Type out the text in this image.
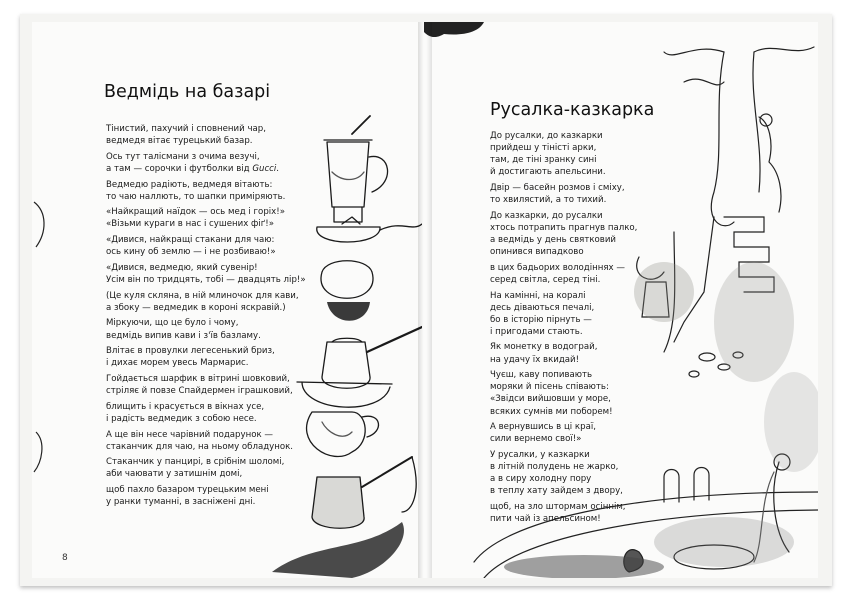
Ведмідь на базарі

Тінистий, пахучий і сповнений чар,
ведмедя вітає турецький базар.

Ось тут талісмани з очима везучі,
а там — сорочки і футболки від Gucci.

Ведмедю радіють, ведмедя вітають:
то чаю наллють, то шапки приміряють.

«Найкращий наїдок — ось мед і горіх!»
«Візьми кураги в нас і сушених фіґ!»

«Дивися, найкращі стакани для чаю:
ось кину об землю — і не розбиваю!»

«Дивися, ведмедю, який сувенір!
Усім він по тридцять, тобі — двадцять лір!»

(Це куля скляна, в ній млиночок для кави,
а збоку — ведмедик в короні яскравій.)

Міркуючи, що це було і чому,
ведмідь випив кави і з'їв базламу.

Влітає в провулки легесенький бриз,
і дихає морем увесь Мармарис.

Гойдається шарфик в вітрині шовковий,
стріляє й повзе Спайдермен іграшковий,

блищить і красується в вікнах усе,
і радість ведмедик з собою несе.

А ще він несе чарівний подарунок —
стаканчик для чаю, на ньому обладунок.

Стаканчик у панцирі, в срібнім шоломі,
аби чаювати у затишнім домі,

щоб пахло базаром турецьким мені
у ранки туманні, в засніжені дні.

8
Русалка-казкарка

До русалки, до казкарки
прийдеш у тіністі арки,
там, де тіні зранку сині
й достигають апельсини.

Двір — басейн розмов і сміху,
то хвилястий, а то тихий.

До казкарки, до русалки
хтось потрапить прагнув палко,
а ведмідь у день святковий
опинився випадково

в цих бадьорих володіннях —
серед світла, серед тіні.

На камінні, на коралі
десь діваються печалі,
бо в історію пірнуть —
і пригодами стають.

Як монетку в водограй,
на удачу їх вкидай!

Чуєш, каву попивають
моряки й пісень співають:
«Звідси вийшовши у море,
всяких сумнів ми поборем!

А вернувшись в ці краї,
сили вернемо свої!»

У русалки, у казкарки
в літній полудень не жарко,
а в сиру холодну пору
в теплу хату зайдем з двору,

щоб, на зло штормам осіннім,
пити чай із апельсином!
